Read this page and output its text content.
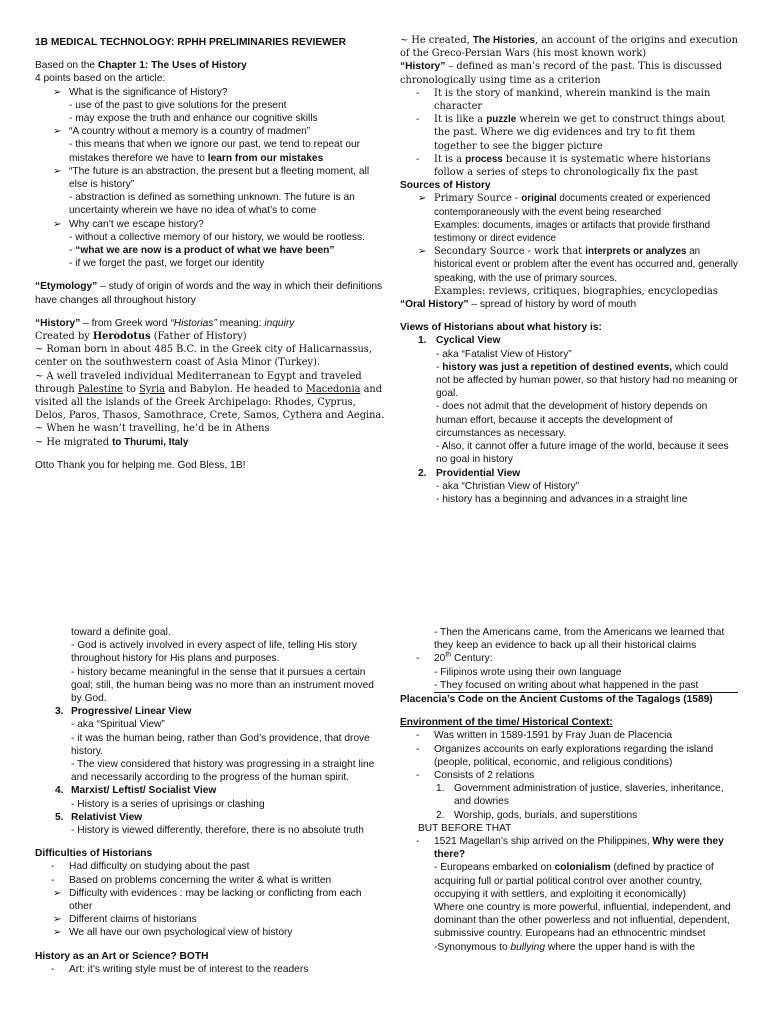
1B MEDICAL TECHNOLOGY: RPHH PRELIMINARIES REVIEWER

Based on the Chapter 1: The Uses of History

4 points based on the article:

➢ What is the significance of History?

- use of the past to give solutions for the present

- may expose the truth and enhance our cognitive skills

➢ “A country without a memory is a country of madmen”

- this means that when we ignore our past, we tend to repeat our mistakes therefore we have to learn from our mistakes

➢ “The future is an abstraction, the present but a fleeting moment, all else is history”

- abstraction is defined as something unknown. The future is an uncertainty wherein we have no idea of what’s to come

➢ Why can’t we escape history?

- without a collective memory of our history, we would be rootless.

- “what we are now is a product of what we have been”

- if we forget the past, we forget our identity

“Etymology” – study of origin of words and the way in which their definitions have changes all throughout history

“History” – from Greek word “Historias” meaning: inquiry

Created by Herodotus (Father of History)

~ Roman born in about 485 B.C. in the Greek city of Halicarnassus, center on the southwestern coast of Asia Minor (Turkey).

~ A well traveled individual Mediterranean to Egypt and traveled through Palestine to Syria and Babylon. He headed to Macedonia and visited all the islands of the Greek Archipelago: Rhodes, Cyprus, Delos, Paros, Thasos, Samothrace, Crete, Samos, Cythera and Aegina.

~ When he wasn’t travelling, he’d be in Athens

~ He migrated to Thurumi, Italy

Otto Thank you for helping me. God Bless, 1B!

~ He created, The Histories, an account of the origins and execution of the Greco-Persian Wars (his most known work)

“History” – defined as man’s record of the past. This is discussed chronologically using time as a criterion

- It is the story of mankind, wherein mankind is the main character

- It is like a puzzle wherein we get to construct things about the past. Where we dig evidences and try to fit them together to see the bigger picture

- It is a process because it is systematic where historians follow a series of steps to chronologically fix the past

Sources of History

➢ Primary Source - original documents created or experienced contemporaneously with the event being researched

Examples: documents, images or artifacts that provide firsthand testimony or direct evidence

➢ Secondary Source - work that interprets or analyzes an historical event or problem after the event has occurred and, generally speaking, with the use of primary sources.

Examples: reviews, critiques, biographies, encyclopedias

“Oral History” – spread of history by word of mouth

Views of Historians about what history is:

1. Cyclical View

- aka “Fatalist View of History”

- history was just a repetition of destined events, which could not be affected by human power, so that history had no meaning or goal.

- does not admit that the development of history depends on human effort, because it accepts the development of circumstances as necessary.

- Also, it cannot offer a future image of the world, because it sees no goal in history

2. Providential View

- aka “Christian View of History”

- history has a beginning and advances in a straight line

toward a definite goal.

- God is actively involved in every aspect of life, telling His story throughout history for His plans and purposes.

- history became meaningful in the sense that it pursues a certain goal; still, the human being was no more than an instrument moved by God.

3. Progressive/ Linear View

- aka “Spiritual View”

- it was the human being, rather than God’s providence, that drove history.

- The view considered that history was progressing in a straight line and necessarily according to the progress of the human spirit.

4. Marxist/ Leftist/ Socialist View

- History is a series of uprisings or clashing

5. Relativist View

- History is viewed differently, therefore, there is no absolute truth

Difficulties of Historians

- Had difficulty on studying about the past

- Based on problems concerning the writer & what is written

➢ Difficulty with evidences : may be lacking or conflicting from each other

➢ Different claims of historians

➢ We all have our own psychological view of history

History as an Art or Science? BOTH

- Art: it’s writing style must be of interest to the readers

- Then the Americans came, from the Americans we learned that they keep an evidence to back up all their historical claims

- 20th Century:

- Filipinos wrote using their own language

- They focused on writing about what happened in the past

Placencia’s Code on the Ancient Customs of the Tagalogs (1589)

Environment of the time/ Historical Context:

- Was written in 1589-1591 by Fray Juan de Placencia

- Organizes accounts on early explorations regarding the island (people, political, economic, and religious conditions)

- Consists of 2 relations

1. Government administration of justice, slaveries, inheritance, and dowries

2. Worship, gods, burials, and superstitions

BUT BEFORE THAT

- 1521 Magellan’s ship arrived on the Philippines, Why were they there?

- Europeans embarked on colonialism (defined by practice of acquiring full or partial political control over another country, occupying it with settlers, and exploiting it economically)

Where one country is more powerful, influential, independent, and dominant than the other powerless and not influential, dependent, submissive country. Europeans had an ethnocentric mindset

-Synonymous to bullying where the upper hand is with the
